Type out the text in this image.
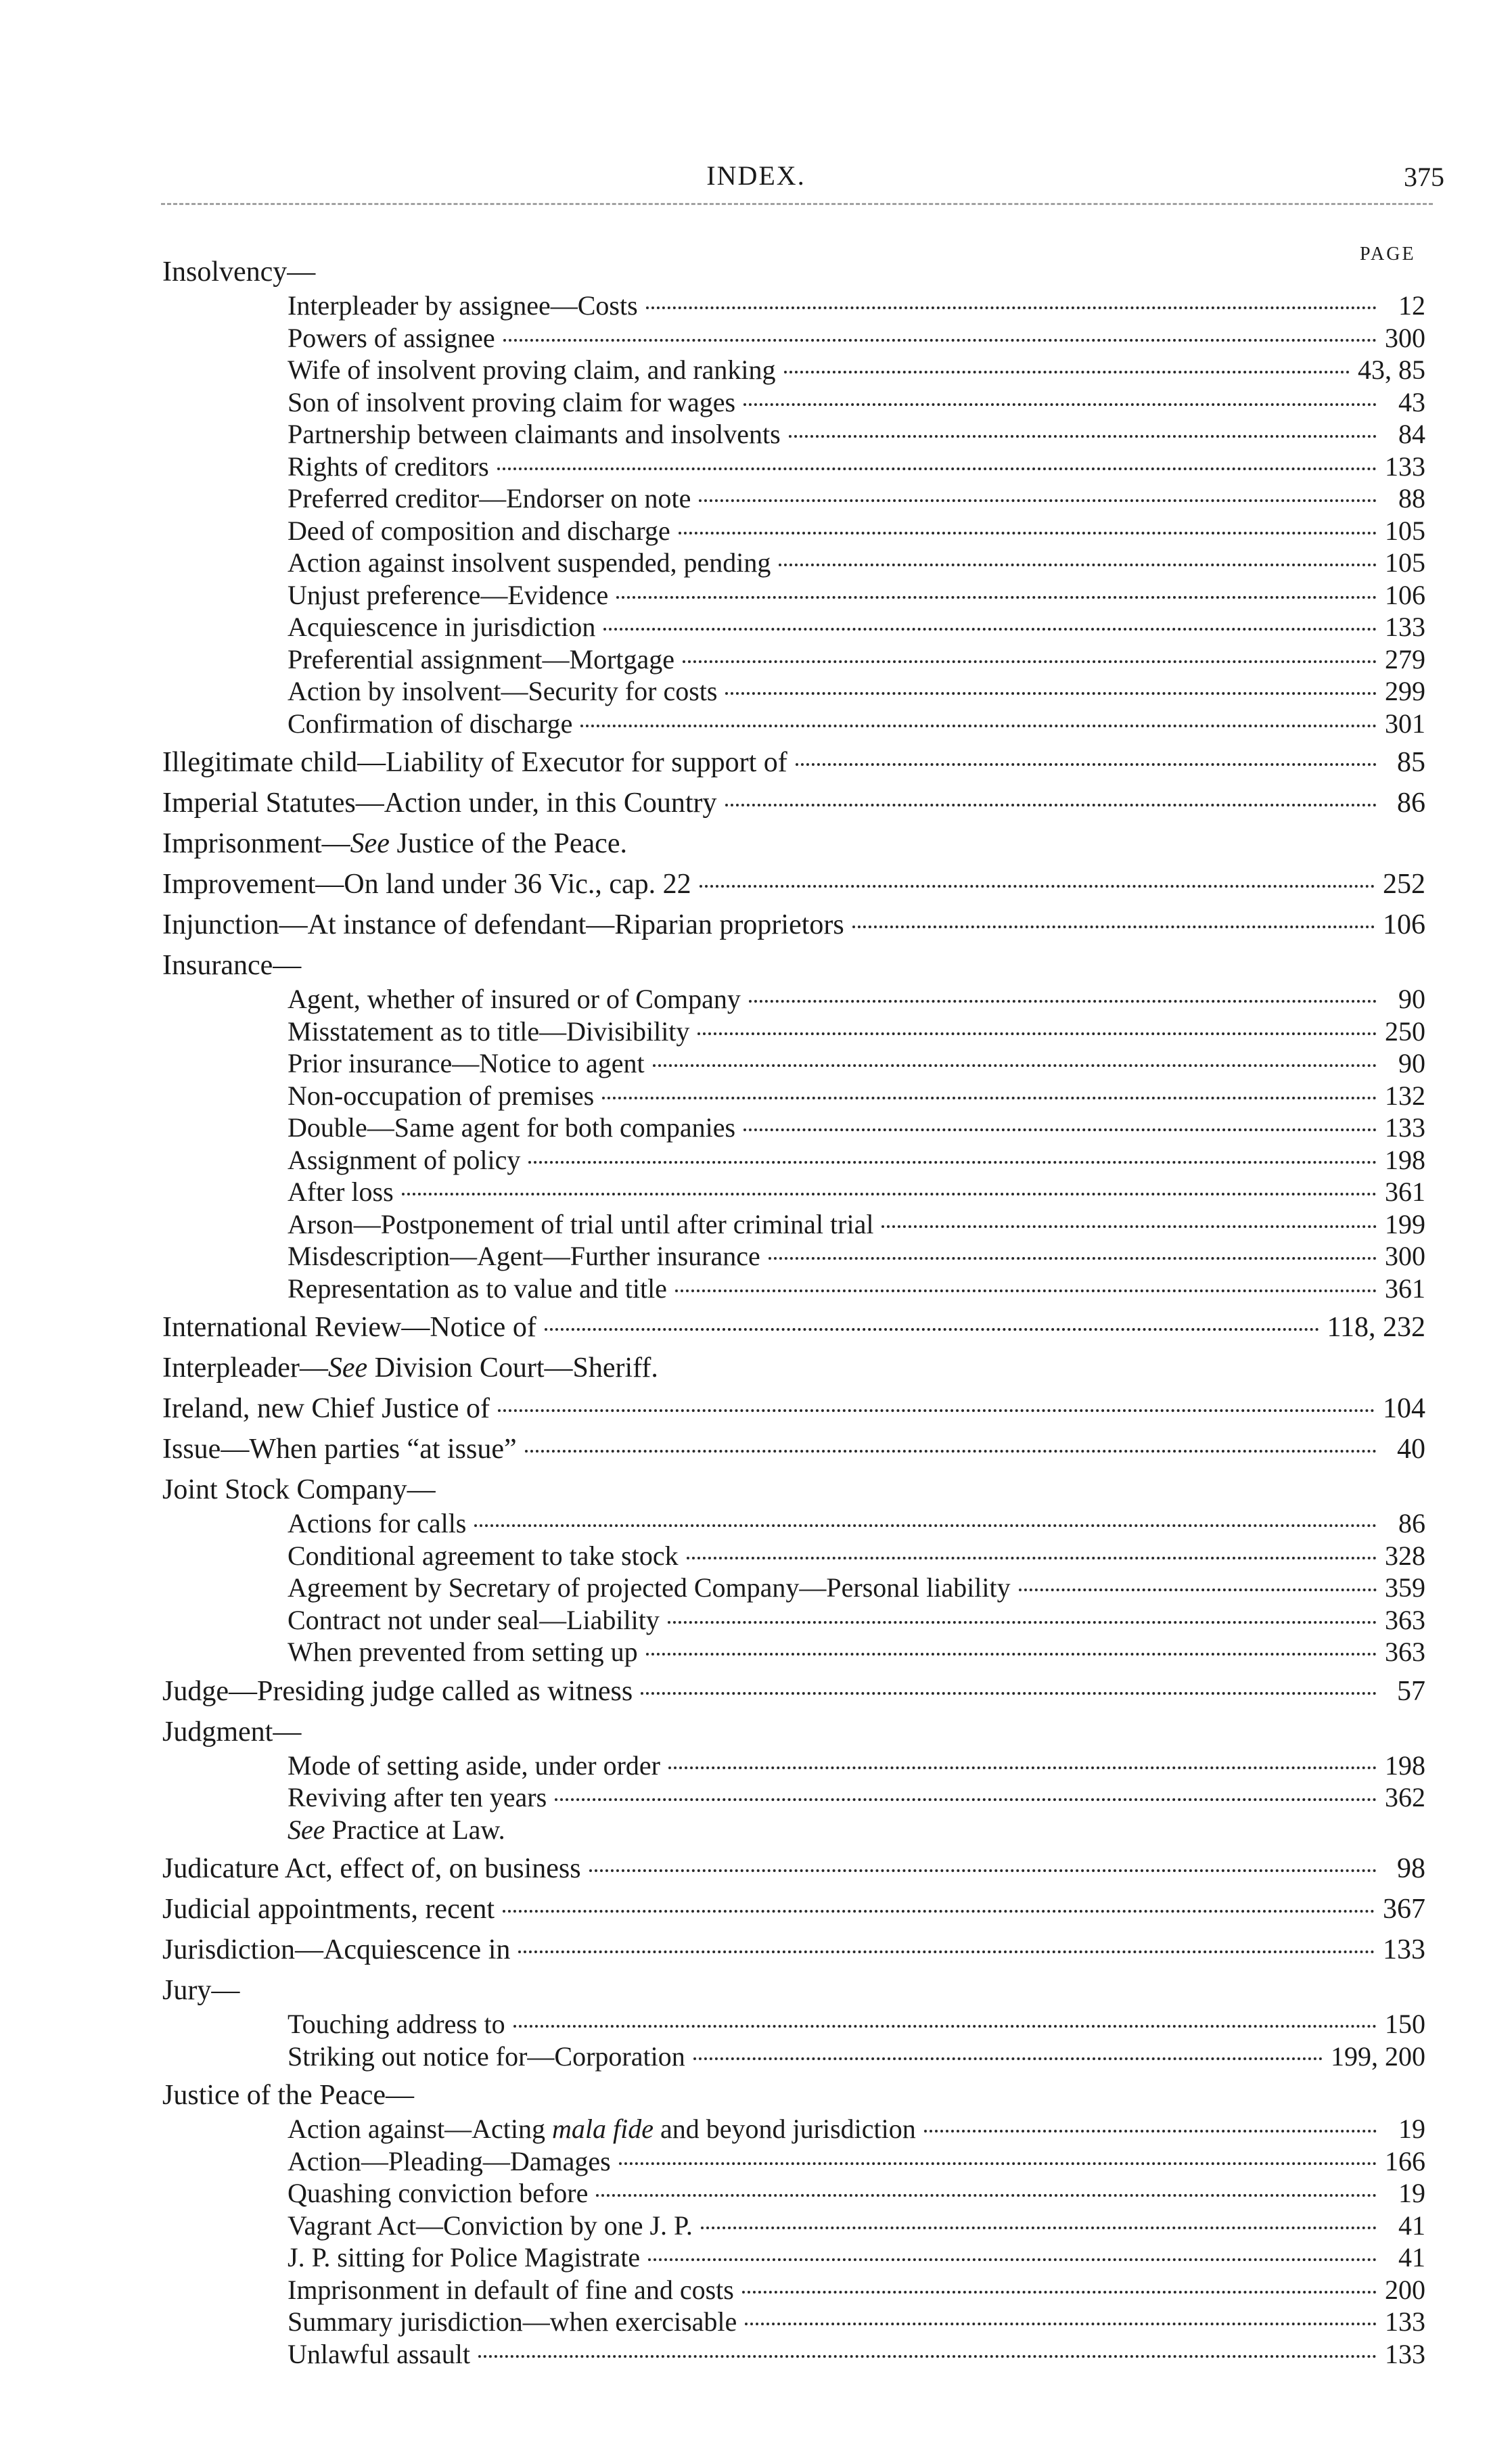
INDEX.	375
PAGE
Insolvency—
Interpleader by assignee—Costs	12
Powers of assignee	300
Wife of insolvent proving claim, and ranking	43, 85
Son of insolvent proving claim for wages	43
Partnership between claimants and insolvents	84
Rights of creditors	133
Preferred creditor—Endorser on note	88
Deed of composition and discharge	105
Action against insolvent suspended, pending	105
Unjust preference—Evidence	106
Acquiescence in jurisdiction	133
Preferential assignment—Mortgage	279
Action by insolvent—Security for costs	299
Confirmation of discharge	301
Illegitimate child—Liability of Executor for support of	85
Imperial Statutes—Action under, in this Country	86
Imprisonment—See Justice of the Peace.
Improvement—On land under 36 Vic., cap. 22	252
Injunction—At instance of defendant—Riparian proprietors	106
Insurance—
Agent, whether of insured or of Company	90
Misstatement as to title—Divisibility	250
Prior insurance—Notice to agent	90
Non-occupation of premises	132
Double—Same agent for both companies	133
Assignment of policy	198
After loss	361
Arson—Postponement of trial until after criminal trial	199
Misdescription—Agent—Further insurance	300
Representation as to value and title	361
International Review—Notice of	118, 232
Interpleader—See Division Court—Sheriff.
Ireland, new Chief Justice of	104
Issue—When parties “at issue”	40
Joint Stock Company—
Actions for calls	86
Conditional agreement to take stock	328
Agreement by Secretary of projected Company—Personal liability	359
Contract not under seal—Liability	363
When prevented from setting up	363
Judge—Presiding judge called as witness	57
Judgment—
Mode of setting aside, under order	198
Reviving after ten years	362
See Practice at Law.
Judicature Act, effect of, on business	98
Judicial appointments, recent	367
Jurisdiction—Acquiescence in	133
Jury—
Touching address to	150
Striking out notice for—Corporation	199, 200
Justice of the Peace—
Action against—Acting mala fide and beyond jurisdiction	19
Action—Pleading—Damages	166
Quashing conviction before	19
Vagrant Act—Conviction by one J. P.	41
J. P. sitting for Police Magistrate	41
Imprisonment in default of fine and costs	200
Summary jurisdiction—when exercisable	133
Unlawful assault	133
